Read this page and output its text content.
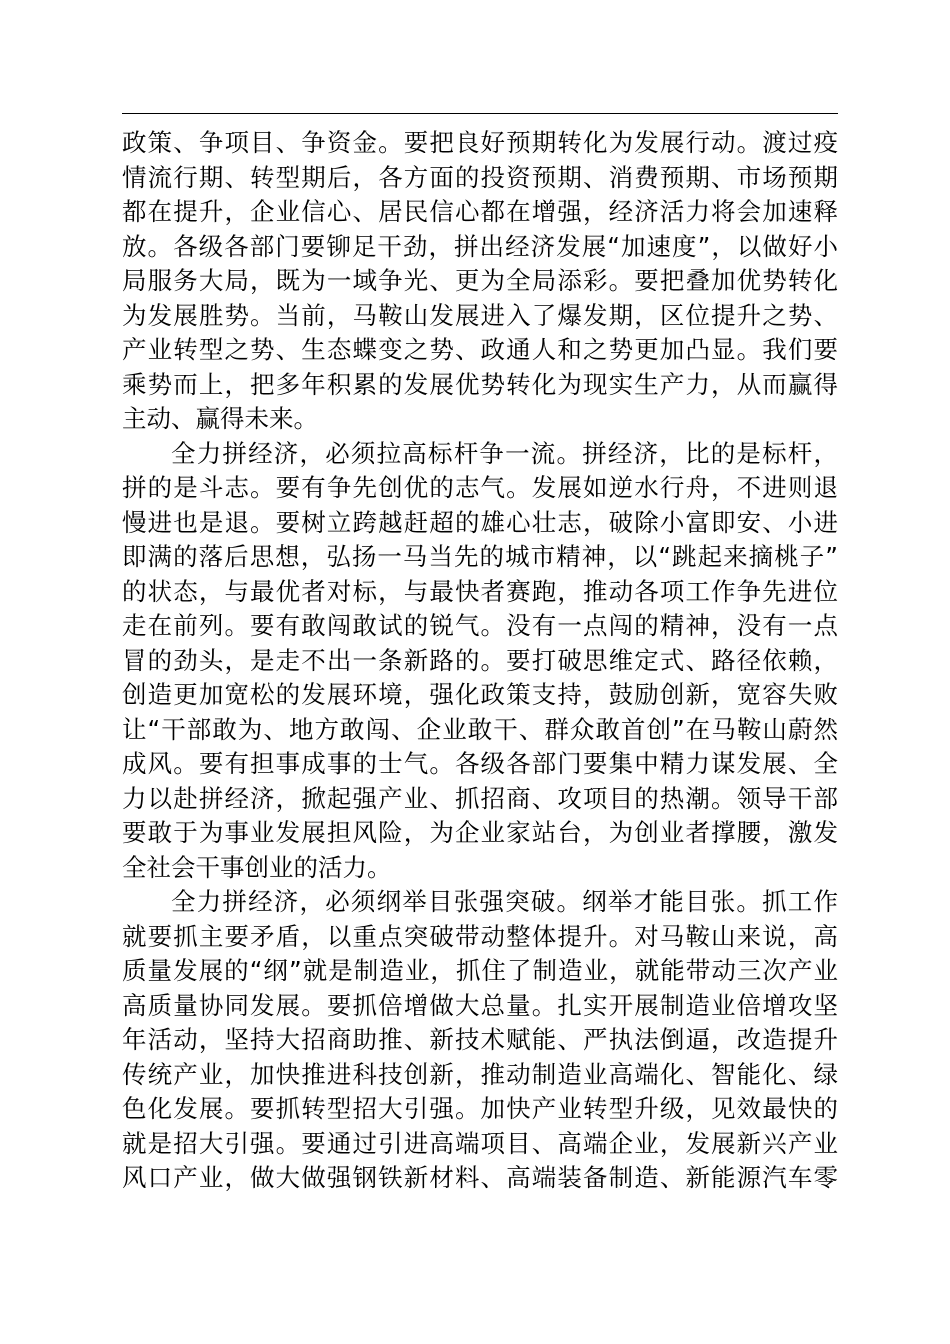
政策、争项目、争资金。要把良好预期转化为发展行动。渡过疫
情流行期、转型期后，各方面的投资预期、消费预期、市场预期
都在提升，企业信心、居民信心都在增强，经济活力将会加速释
放。各级各部门要铆足干劲，拼出经济发展“加速度”，以做好小
局服务大局，既为一域争光、更为全局添彩。要把叠加优势转化
为发展胜势。当前，马鞍山发展进入了爆发期，区位提升之势、
产业转型之势、生态蝶变之势、政通人和之势更加凸显。我们要
乘势而上，把多年积累的发展优势转化为现实生产力，从而赢得
主动、赢得未来。
全力拼经济，必须拉高标杆争一流。拼经济，比的是标杆，
拼的是斗志。要有争先创优的志气。发展如逆水行舟，不进则退
慢进也是退。要树立跨越赶超的雄心壮志，破除小富即安、小进
即满的落后思想，弘扬一马当先的城市精神，以“跳起来摘桃子”
的状态，与最优者对标，与最快者赛跑，推动各项工作争先进位
走在前列。要有敢闯敢试的锐气。没有一点闯的精神，没有一点
冒的劲头，是走不出一条新路的。要打破思维定式、路径依赖，
创造更加宽松的发展环境，强化政策支持，鼓励创新，宽容失败
让“干部敢为、地方敢闯、企业敢干、群众敢首创”在马鞍山蔚然
成风。要有担事成事的士气。各级各部门要集中精力谋发展、全
力以赴拼经济，掀起强产业、抓招商、攻项目的热潮。领导干部
要敢于为事业发展担风险，为企业家站台，为创业者撑腰，激发
全社会干事创业的活力。
全力拼经济，必须纲举目张强突破。纲举才能目张。抓工作
就要抓主要矛盾，以重点突破带动整体提升。对马鞍山来说，高
质量发展的“纲”就是制造业，抓住了制造业，就能带动三次产业
高质量协同发展。要抓倍增做大总量。扎实开展制造业倍增攻坚
年活动，坚持大招商助推、新技术赋能、严执法倒逼，改造提升
传统产业，加快推进科技创新，推动制造业高端化、智能化、绿
色化发展。要抓转型招大引强。加快产业转型升级，见效最快的
就是招大引强。要通过引进高端项目、高端企业，发展新兴产业
风口产业，做大做强钢铁新材料、高端装备制造、新能源汽车零
